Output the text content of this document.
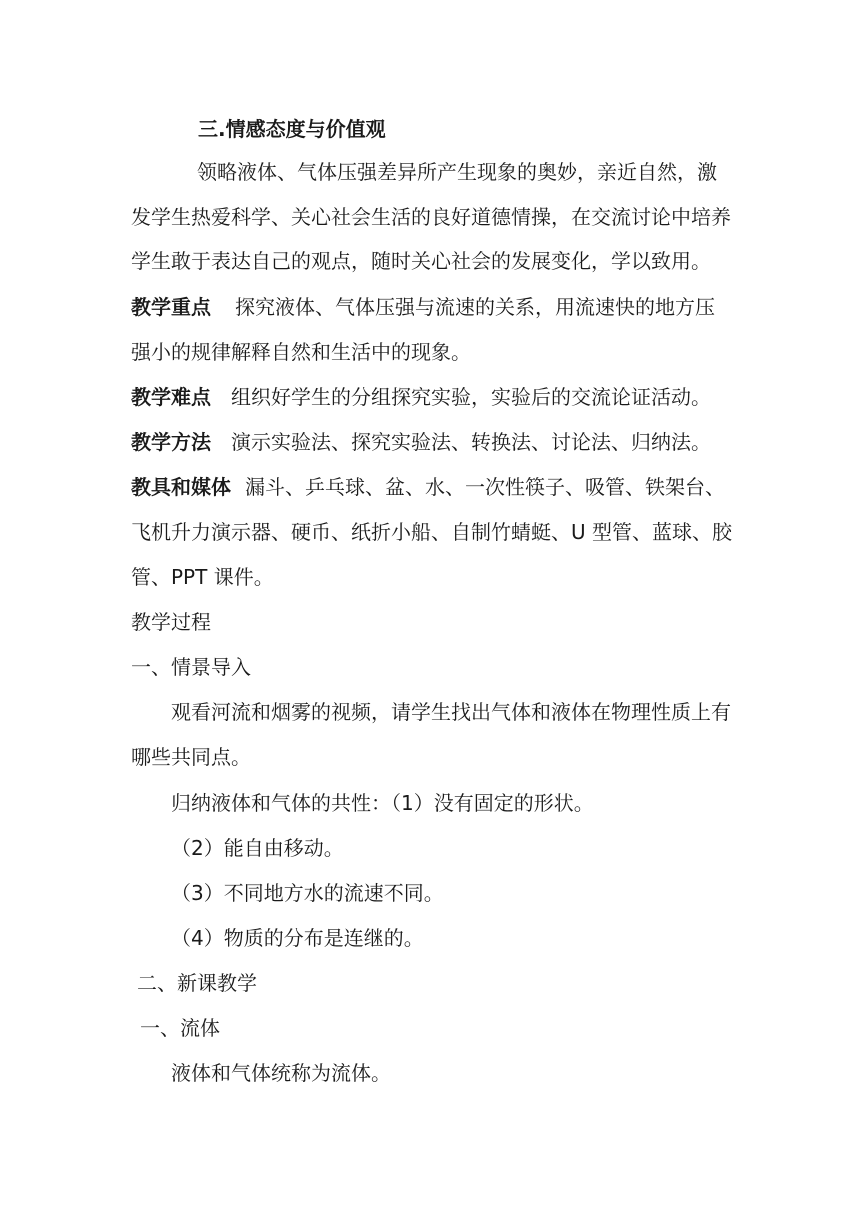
三.情感态度与价值观
领略液体、气体压强差异所产生现象的奥妙，亲近自然，激
发学生热爱科学、关心社会生活的良好道德情操，在交流讨论中培养
学生敢于表达自己的观点，随时关心社会的发展变化，学以致用。
教学重点 探究液体、气体压强与流速的关系，用流速快的地方压
强小的规律解释自然和生活中的现象。
教学难点 组织好学生的分组探究实验，实验后的交流论证活动。
教学方法 演示实验法、探究实验法、转换法、讨论法、归纳法。
教具和媒体 漏斗、乒乓球、盆、水、一次性筷子、吸管、铁架台、
飞机升力演示器、硬币、纸折小船、自制竹蜻蜓、U 型管、蓝球、胶
管、PPT 课件。
教学过程
一、情景导入
观看河流和烟雾的视频，请学生找出气体和液体在物理性质上有
哪些共同点。
归纳液体和气体的共性：（1）没有固定的形状。
（2）能自由移动。
（3）不同地方水的流速不同。
（4）物质的分布是连继的。
二、新课教学
一、流体
液体和气体统称为流体。
